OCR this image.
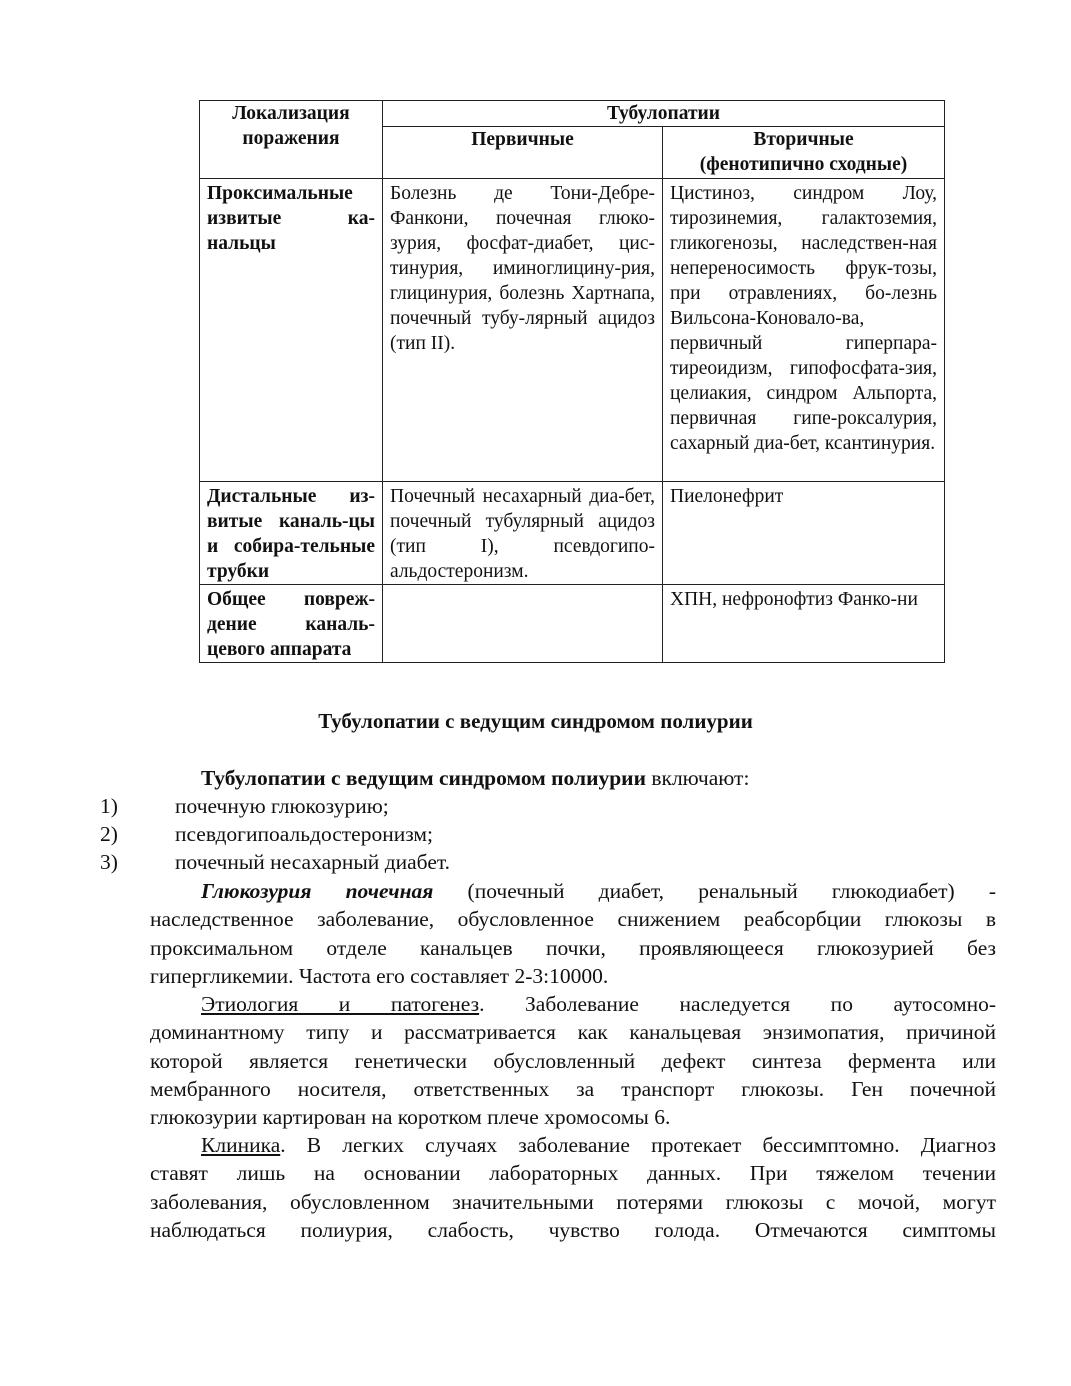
Локализация поражения	Тубулопатии	
	Первичные	Вторичные
(фенотипично сходные)
Проксимальные извитые ка-нальцы	Болезнь де Тони-Дебре-Фанкони, почечная глюко-зурия, фосфат-диабет, цис-тинурия, иминоглицину-рия, глицинурия, болезнь Хартнапа, почечный тубу-лярный ацидоз (тип II).	Цистиноз, синдром Лоу, тирозинемия, галактоземия, гликогенозы, наследствен-ная непереносимость фрук-тозы, при отравлениях, бо-лезнь Вильсона-Коновало-ва, первичный гиперпара-тиреоидизм, гипофосфата-зия, целиакия, синдром Альпорта, первичная гипе-роксалурия, сахарный диа-бет, ксантинурия.
Дистальные из-витые каналь-цы и собира-тельные трубки	Почечный несахарный диа-бет, почечный тубулярный ацидоз (тип I), псевдогипо-альдостеронизм.	Пиелонефрит
Общее повреж-дение каналь-цевого аппарата		ХПН, нефронофтиз Фанко-ни
Тубулопатии с ведущим синдромом полиурии
Тубулопатии с ведущим синдромом полиурии включают:
1)	почечную глюкозурию;
2)	псевдогипоальдостеронизм;
3)	почечный несахарный диабет.
Глюкозурия почечная (почечный диабет, ренальный глюкодиабет) -
наследственное заболевание, обусловленное снижением реабсорбции глюкозы в
проксимальном отделе канальцев почки, проявляющееся глюкозурией без
гипергликемии. Частота его составляет 2-3:10000.
Этиология и патогенез. Заболевание наследуется по аутосомно-
доминантному типу и рассматривается как канальцевая энзимопатия, причиной
которой является генетически обусловленный дефект синтеза фермента или
мембранного носителя, ответственных за транспорт глюкозы. Ген почечной
глюкозурии картирован на коротком плече хромосомы 6.
Клиника. В легких случаях заболевание протекает бессимптомно. Диагноз
ставят лишь на основании лабораторных данных. При тяжелом течении
заболевания, обусловленном значительными потерями глюкозы с мочой, могут
наблюдаться полиурия, слабость, чувство голода. Отмечаются симптомы
